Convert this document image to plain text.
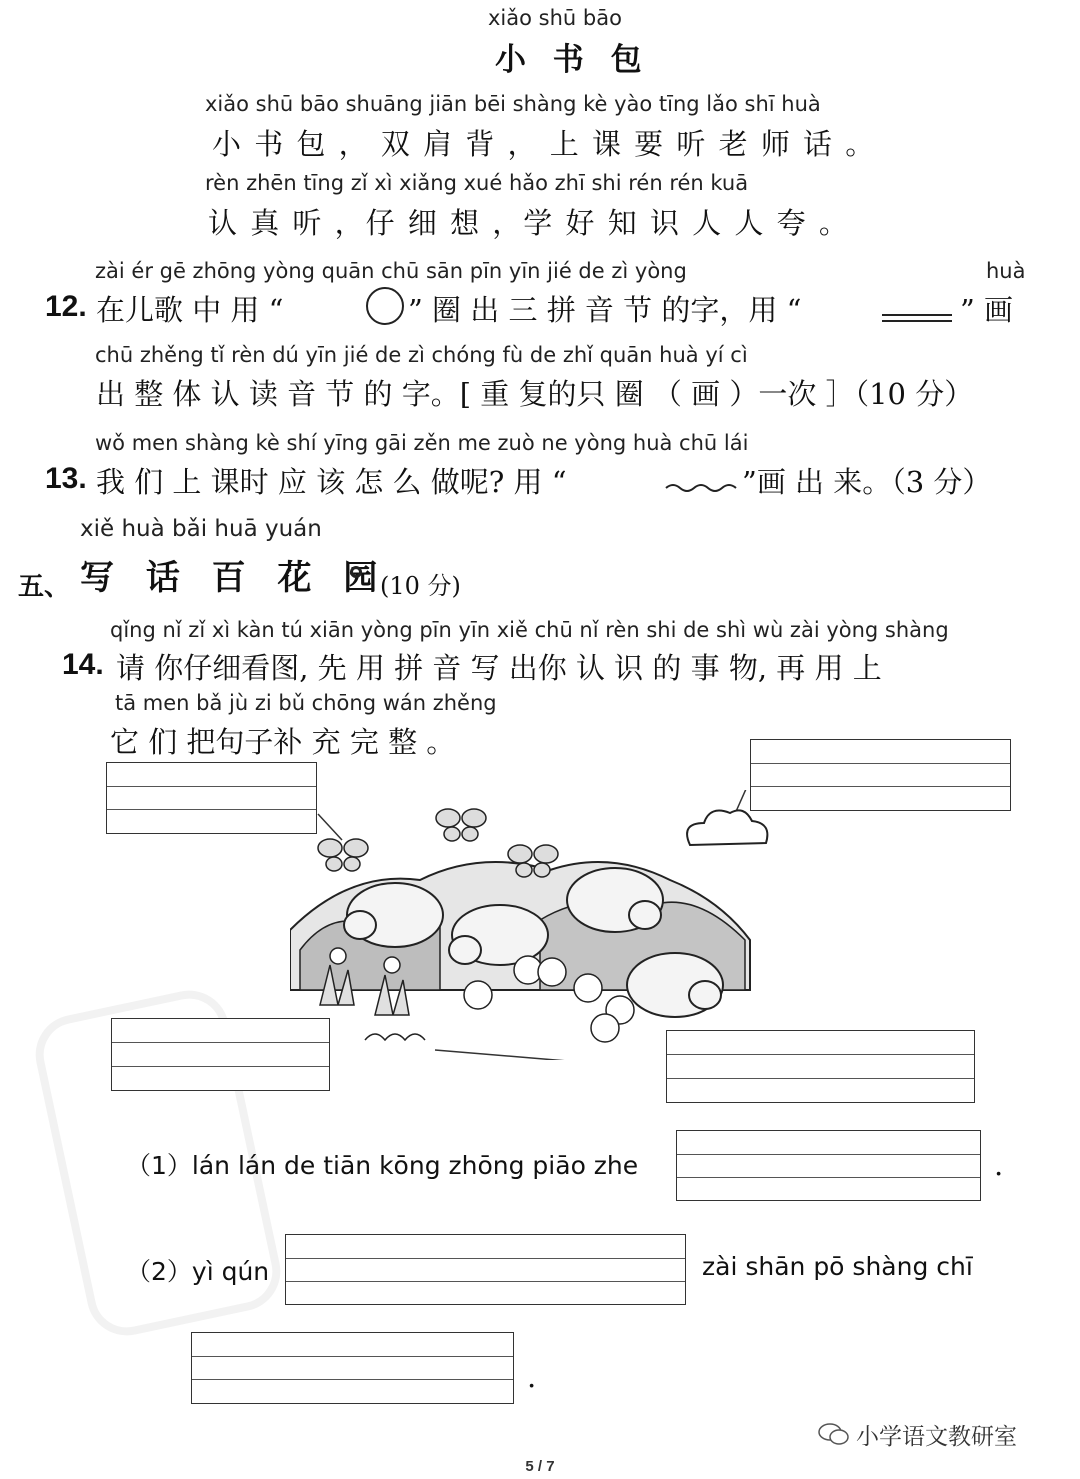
xiǎo shū bāo
小 书 包
xiǎo shū bāo shuāng jiān bēi shàng kè yào tīng lǎo shī huà
小 书 包 ， 双 肩 背 ， 上 课 要 听 老 师 话 。
rèn zhēn tīng zǐ xì xiǎng xué hǎo zhī shi rén rén kuā
认 真 听 ，仔 细 想 ，学 好 知 识 人 人 夸 。
zài ér gē zhōng yòng quān chū sān pīn yīn jié de zì yòng	huà
12. 在儿歌 中 用 “	” 圈 出 三 拼 音 节 的字，用 “	” 画
chū zhěng tǐ rèn dú yīn jié de zì chóng fù de zhǐ quān huà yí cì
出 整 体 认 读 音 节 的 字。[ 重 复的只 圈 （ 画 ）一次 ］（10 分）
wǒ men shàng kè shí yīng gāi zěn me zuò ne yòng huà chū lái
13. 我 们 上 课时 应 该 怎 么 做呢? 用 “	”画 出 来。（3 分）
xiě huà bǎi huā yuán
五、 写 话 百 花 园
(10 分)
qǐng nǐ zǐ xì kàn tú xiān yòng pīn yīn xiě chū nǐ rèn shi de shì wù zài yòng shàng
14. 请 你仔细看图, 先 用 拼 音 写 出你 认 识 的 事 物, 再 用 上
tā men bǎ jù zi bǔ chōng wán zhěng
它 们 把句子补 充 完 整 。
（1）lán lán de tiān kōng zhōng piāo zhe	.
（2）yì qún	zài shān pō shàng chī
.
小学语文教研室
5 / 7
